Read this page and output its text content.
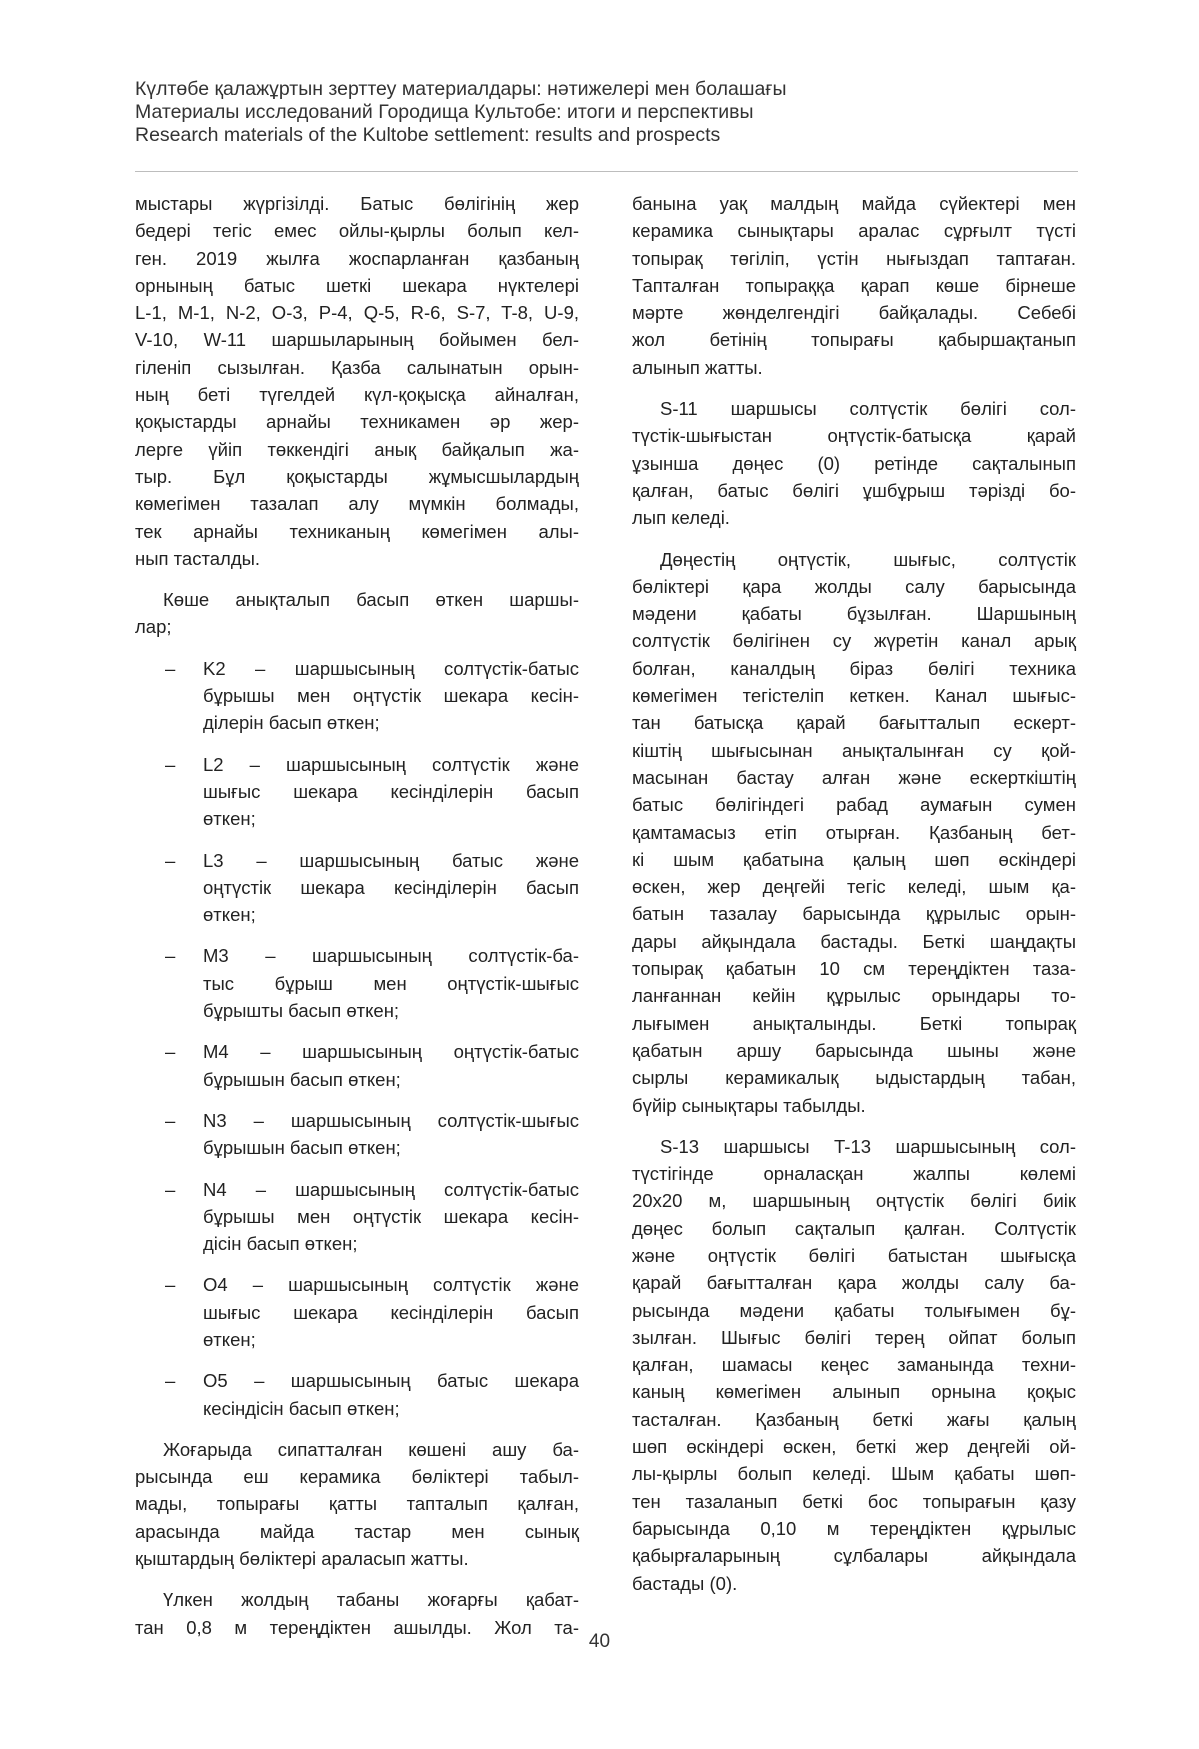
Күлтөбе қалажұртын зерттеу материалдары: нәтижелері мен болашағы
Материалы исследований Городища Культобе: итоги и перспективы
Research materials of the Kultobe settlement: results and prospects
мыстары жүргізілді. Батыс бөлігінің жер
бедері тегіс емес ойлы-қырлы болып кел-
ген. 2019 жылға жоспарланған қазбаның
орнының батыс шеткі шекара нүктелері
L-1, M-1, N-2, O-3, P-4, Q-5, R-6, S-7, T-8, U-9,
V-10, W-11 шаршыларының бойымен бел-
гіленіп сызылған. Қазба салынатын орын-
ның беті түгелдей күл-қоқысқа айналған,
қоқыстарды арнайы техникамен әр жер-
лерге үйіп төккендігі анық байқалып жа-
тыр. Бұл қоқыстарды жұмысшылардың
көмегімен тазалап алу мүмкін болмады,
тек арнайы техниканың көмегімен алы-
нып тасталды.
Көше анықталып басып өткен шаршы-
лар;
– K2 – шаршысының солтүстік-батыс
бұрышы мен оңтүстік шекара кесін-
ділерін басып өткен;
– L2 – шаршысының солтүстік және
шығыс шекара кесінділерін басып
өткен;
– L3 – шаршысының батыс және
оңтүстік шекара кесінділерін басып
өткен;
– M3 – шаршысының солтүстік-ба-
тыс бұрыш мен оңтүстік-шығыс
бұрышты басып өткен;
– M4 – шаршысының оңтүстік-батыс
бұрышын басып өткен;
– N3 – шаршысының солтүстік-шығыс
бұрышын басып өткен;
– N4 – шаршысының солтүстік-батыс
бұрышы мен оңтүстік шекара кесін-
дісін басып өткен;
– O4 – шаршысының солтүстік және
шығыс шекара кесінділерін басып
өткен;
– O5 – шаршысының батыс шекара
кесіндісін басып өткен;
Жоғарыда сипатталған көшені ашу ба-
рысында еш керамика бөліктері табыл-
мады, топырағы қатты тапталып қалған,
арасында майда тастар мен сынық
қыштардың бөліктері араласып жатты.
Үлкен жолдың табаны жоғарғы қабат-
тан 0,8 м тереңдіктен ашылды. Жол та-
банына уақ малдың майда сүйектері мен
керамика сынықтары аралас сұрғылт түсті
топырақ төгіліп, үстін нығыздап таптаған.
Тапталған топыраққа қарап көше бірнеше
мәрте жөнделгендігі байқалады. Себебі
жол бетінің топырағы қабыршақтанып
алынып жатты.
S-11 шаршысы солтүстік бөлігі сол-
түстік-шығыстан оңтүстік-батысқа қарай
ұзынша дөңес (0) ретінде сақталынып
қалған, батыс бөлігі ұшбұрыш тәрізді бо-
лып келеді.
Дөңестің оңтүстік, шығыс, солтүстік
бөліктері қара жолды салу барысында
мәдени қабаты бұзылған. Шаршының
солтүстік бөлігінен су жүретін канал арық
болған, каналдың біраз бөлігі техника
көмегімен тегістеліп кеткен. Канал шығыс-
тан батысқа қарай бағытталып ескерт-
кіштің шығысынан анықталынған су қой-
масынан бастау алған және ескерткіштің
батыс бөлігіндегі рабад аумағын сумен
қамтамасыз етіп отырған. Қазбаның бет-
кі шым қабатына қалың шөп өскіндері
өскен, жер деңгейі тегіс келеді, шым қа-
батын тазалау барысында құрылыс орын-
дары айқындала бастады. Беткі шаңдақты
топырақ қабатын 10 см тереңдіктен таза-
ланғаннан кейін құрылыс орындары то-
лығымен анықталынды. Беткі топырақ
қабатын аршу барысында шыны және
сырлы керамикалық ыдыстардың табан,
бүйір сынықтары табылды.
S-13 шаршысы T-13 шаршысының сол-
түстігінде орналасқан жалпы көлемі
20х20 м, шаршының оңтүстік бөлігі биік
дөңес болып сақталып қалған. Солтүстік
және оңтүстік бөлігі батыстан шығысқа
қарай бағытталған қара жолды салу ба-
рысында мәдени қабаты толығымен бұ-
зылған. Шығыс бөлігі терең ойпат болып
қалған, шамасы кеңес заманында техни-
каның көмегімен алынып орнына қоқыс
тасталған. Қазбаның беткі жағы қалың
шөп өскіндері өскен, беткі жер деңгейі ой-
лы-қырлы болып келеді. Шым қабаты шөп-
тен тазаланып беткі бос топырағын қазу
барысында 0,10 м тереңдіктен құрылыс
қабырғаларының сұлбалары айқындала
бастады (0).
40
